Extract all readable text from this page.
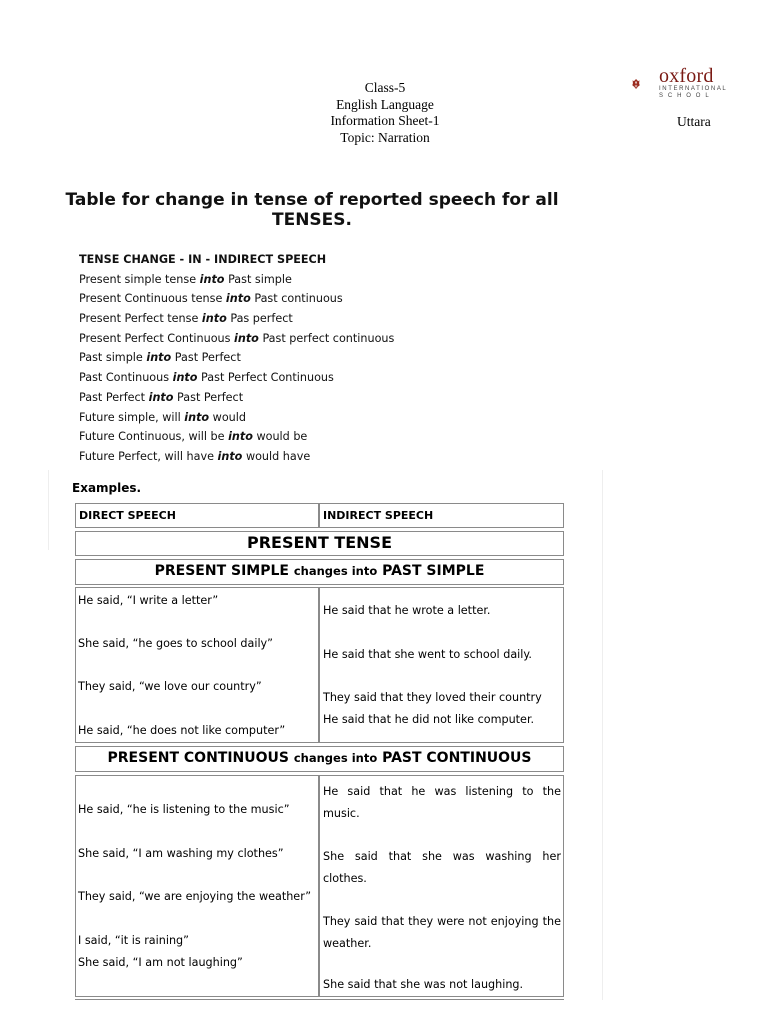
Class-5
English Language
Information Sheet-1
Topic: Narration
oxford
INTERNATIONAL
S C H O O L
Uttara
Table for change in tense of reported speech for all
TENSES.
TENSE CHANGE - IN - INDIRECT SPEECH
Present simple tense into Past simple
Present Continuous tense into Past continuous
Present Perfect tense into Pas perfect
Present Perfect Continuous into Past perfect continuous
Past simple into Past Perfect
Past Continuous into Past Perfect Continuous
Past Perfect into Past Perfect
Future simple, will into would
Future Continuous, will be into would be
Future Perfect, will have into would have
Examples.
DIRECT SPEECH	INDIRECT SPEECH
PRESENT TENSE
PRESENT SIMPLE changes into PAST SIMPLE
He said, “I write a letter”
She said, “he goes to school daily”
They said, “we love our country”
He said, “he does not like computer”
He said that he wrote a letter.
He said that she went to school daily.
They said that they loved their country
He said that he did not like computer.
PRESENT CONTINUOUS changes into PAST CONTINUOUS
He said, “he is listening to the music”
She said, “I am washing my clothes”
They said, “we are enjoying the weather”
I said, “it is raining”
She said, “I am not laughing”
He said that he was listening to the music.
She said that she was washing her clothes.
They said that they were not enjoying the weather.
She said that she was not laughing.
